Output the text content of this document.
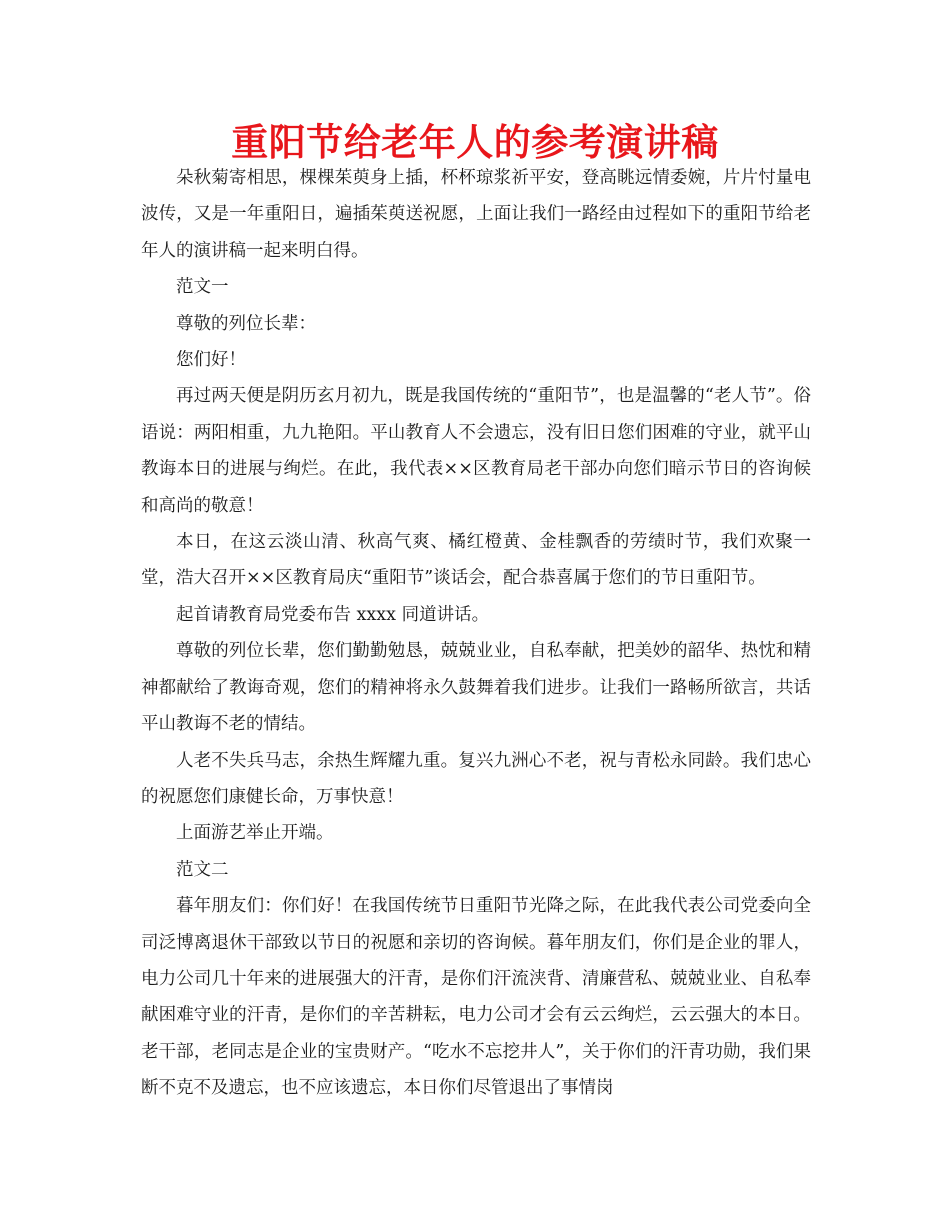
重阳节给老年人的参考演讲稿

朵秋菊寄相思，棵棵茱萸身上插，杯杯琼浆祈平安，登高眺远情委婉，片片忖量电波传，又是一年重阳日，遍插茱萸送祝愿，上面让我们一路经由过程如下的重阳节给老年人的演讲稿一起来明白得。

范文一

尊敬的列位长辈：

您们好！

再过两天便是阴历玄月初九，既是我国传统的“重阳节”，也是温馨的“老人节”。俗语说：两阳相重，九九艳阳。平山教育人不会遗忘，没有旧日您们困难的守业，就平山教诲本日的进展与绚烂。在此，我代表××区教育局老干部办向您们暗示节日的咨询候和高尚的敬意！

本日，在这云淡山清、秋高气爽、橘红橙黄、金桂飘香的劳绩时节，我们欢聚一堂，浩大召开××区教育局庆“重阳节”谈话会，配合恭喜属于您们的节日重阳节。

起首请教育局党委布告 xxxx 同道讲话。

尊敬的列位长辈，您们勤勤勉恳，兢兢业业，自私奉献，把美妙的韶华、热忱和精神都献给了教诲奇观，您们的精神将永久鼓舞着我们进步。让我们一路畅所欲言，共话平山教诲不老的情结。

人老不失兵马志，余热生辉耀九重。复兴九洲心不老，祝与青松永同龄。我们忠心的祝愿您们康健长命，万事快意！

上面游艺举止开端。

范文二

暮年朋友们：你们好！在我国传统节日重阳节光降之际，在此我代表公司党委向全司泛博离退休干部致以节日的祝愿和亲切的咨询候。暮年朋友们，你们是企业的罪人，电力公司几十年来的进展强大的汗青，是你们汗流浃背、清廉营私、兢兢业业、自私奉献困难守业的汗青，是你们的辛苦耕耘，电力公司才会有云云绚烂，云云强大的本日。老干部，老同志是企业的宝贵财产。“吃水不忘挖井人”，关于你们的汗青功勋，我们果断不克不及遗忘，也不应该遗忘，本日你们尽管退出了事情岗
